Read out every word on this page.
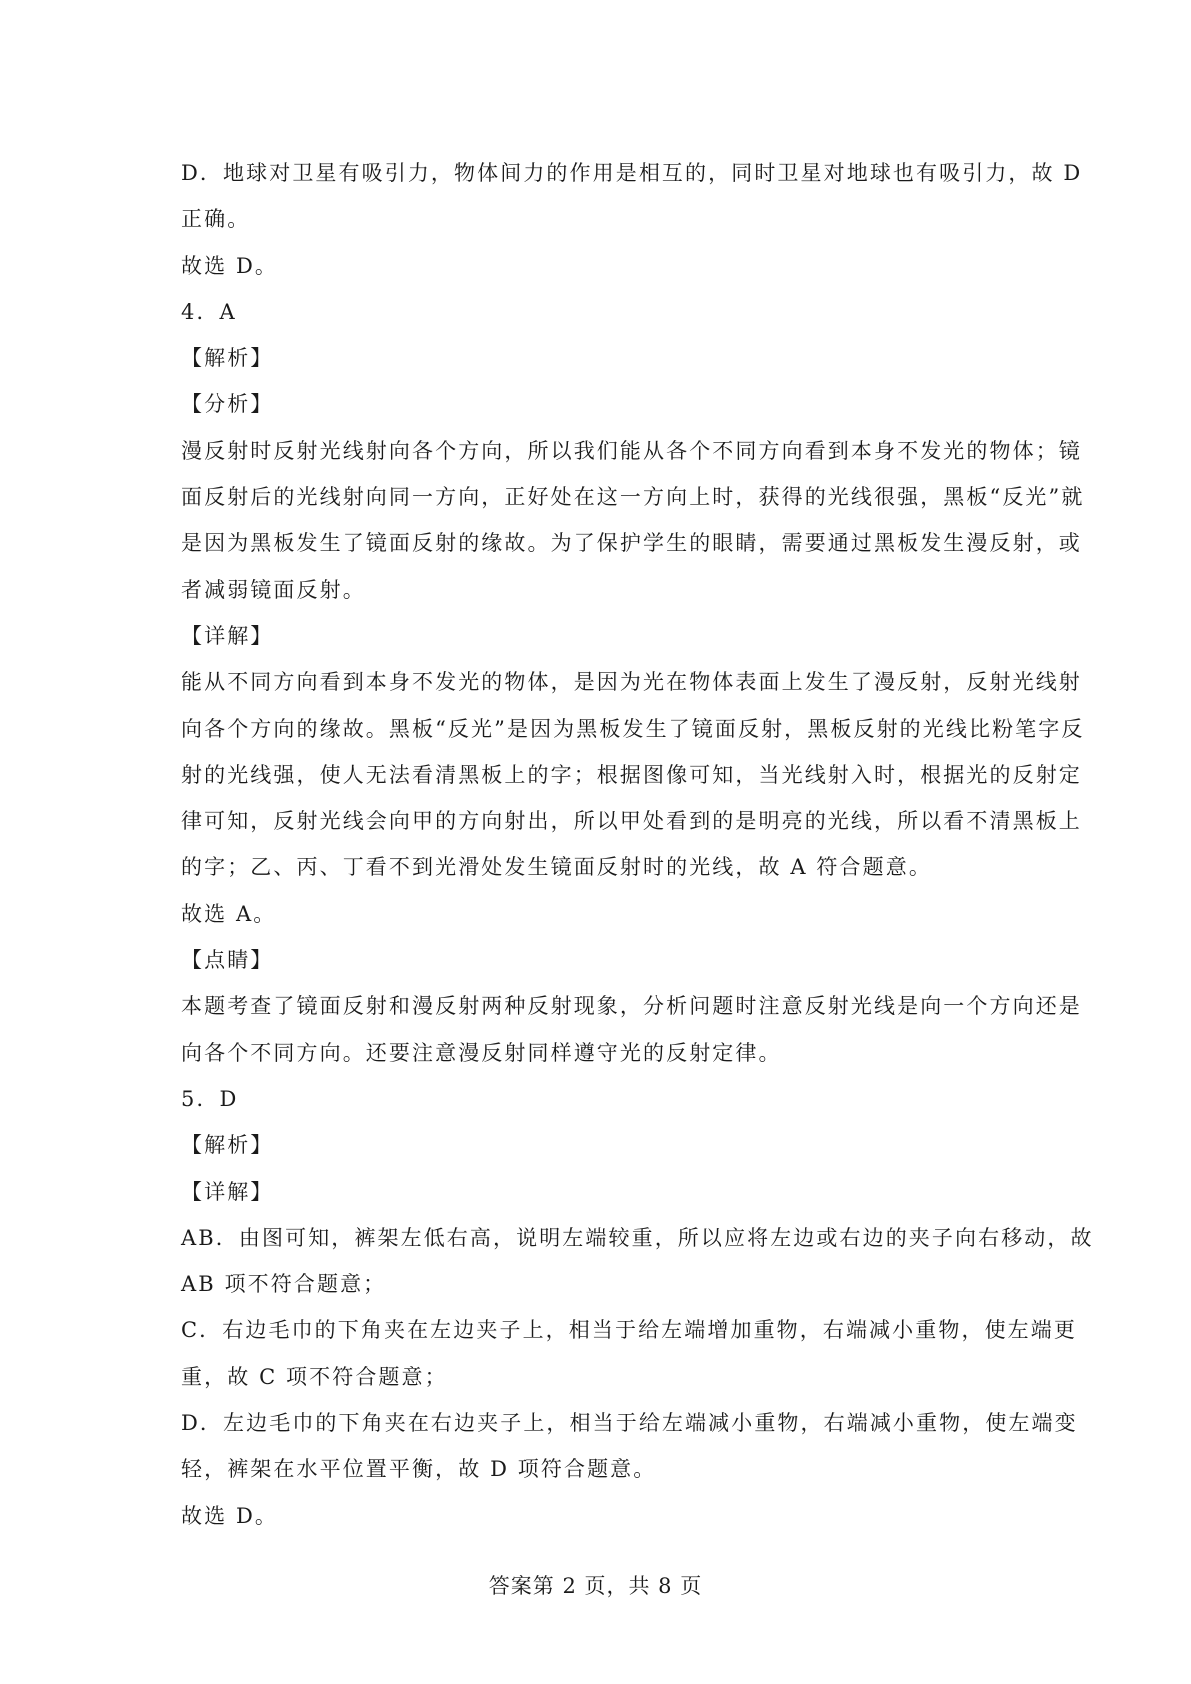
D．地球对卫星有吸引力，物体间力的作用是相互的，同时卫星对地球也有吸引力，故 D
正确。
故选 D。
4．A
【解析】
【分析】
漫反射时反射光线射向各个方向，所以我们能从各个不同方向看到本身不发光的物体；镜
面反射后的光线射向同一方向，正好处在这一方向上时，获得的光线很强，黑板“反光”就
是因为黑板发生了镜面反射的缘故。为了保护学生的眼睛，需要通过黑板发生漫反射，或
者减弱镜面反射。
【详解】
能从不同方向看到本身不发光的物体，是因为光在物体表面上发生了漫反射，反射光线射
向各个方向的缘故。黑板“反光”是因为黑板发生了镜面反射，黑板反射的光线比粉笔字反
射的光线强，使人无法看清黑板上的字；根据图像可知，当光线射入时，根据光的反射定
律可知，反射光线会向甲的方向射出，所以甲处看到的是明亮的光线，所以看不清黑板上
的字；乙、丙、丁看不到光滑处发生镜面反射时的光线，故 A 符合题意。
故选 A。
【点睛】
本题考查了镜面反射和漫反射两种反射现象，分析问题时注意反射光线是向一个方向还是
向各个不同方向。还要注意漫反射同样遵守光的反射定律。
5．D
【解析】
【详解】
AB．由图可知，裤架左低右高，说明左端较重，所以应将左边或右边的夹子向右移动，故
AB 项不符合题意；
C．右边毛巾的下角夹在左边夹子上，相当于给左端增加重物，右端减小重物，使左端更
重，故 C 项不符合题意；
D．左边毛巾的下角夹在右边夹子上，相当于给左端减小重物，右端减小重物，使左端变
轻，裤架在水平位置平衡，故 D 项符合题意。
故选 D。
答案第 2 页，共 8 页
